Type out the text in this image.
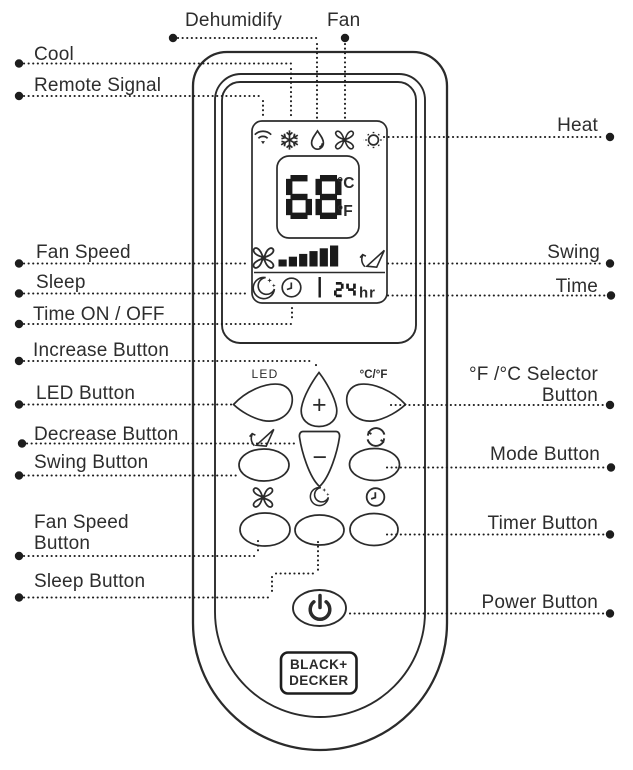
°C
°F
hr
LED	°C/°F
+
−
BLACK+
DECKER
Dehumidify Fan
Cool
Remote Signal
Heat
Fan Speed	Swing
Sleep	Time
Time ON / OFF
Increase Button
LED Button
°F /°C Selector
Button
Decrease Button
Swing Button	Mode Button
Fan Speed
Button
Timer Button
Sleep Button
Power Button
